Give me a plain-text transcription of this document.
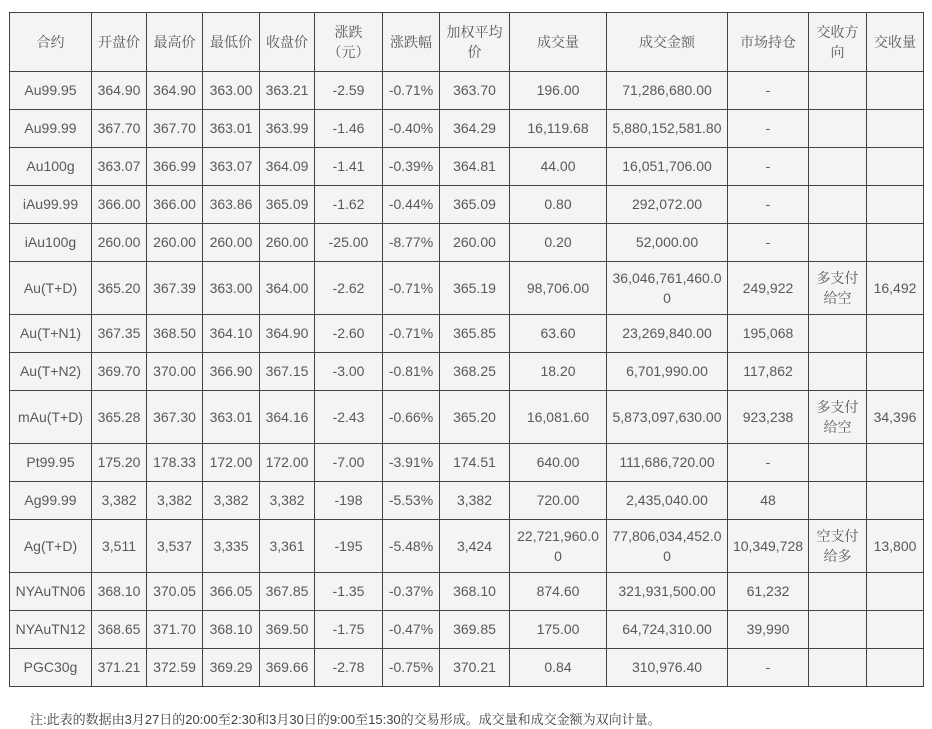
合约	开盘价	最高价	最低价	收盘价	涨跌（元）	涨跌幅	加权平均价	成交量	成交金额	市场持仓	交收方向	交收量
Au99.95	364.90	364.90	363.00	363.21	-2.59	-0.71%	363.70	196.00	71,286,680.00	-		
Au99.99	367.70	367.70	363.01	363.99	-1.46	-0.40%	364.29	16,119.68	5,880,152,581.80	-		
Au100g	363.07	366.99	363.07	364.09	-1.41	-0.39%	364.81	44.00	16,051,706.00	-		
iAu99.99	366.00	366.00	363.86	365.09	-1.62	-0.44%	365.09	0.80	292,072.00	-		
iAu100g	260.00	260.00	260.00	260.00	-25.00	-8.77%	260.00	0.20	52,000.00	-		
Au(T+D)	365.20	367.39	363.00	364.00	-2.62	-0.71%	365.19	98,706.00	36,046,761,460.00	249,922	多支付给空	16,492
Au(T+N1)	367.35	368.50	364.10	364.90	-2.60	-0.71%	365.85	63.60	23,269,840.00	195,068		
Au(T+N2)	369.70	370.00	366.90	367.15	-3.00	-0.81%	368.25	18.20	6,701,990.00	117,862		
mAu(T+D)	365.28	367.30	363.01	364.16	-2.43	-0.66%	365.20	16,081.60	5,873,097,630.00	923,238	多支付给空	34,396
Pt99.95	175.20	178.33	172.00	172.00	-7.00	-3.91%	174.51	640.00	111,686,720.00	-		
Ag99.99	3,382	3,382	3,382	3,382	-198	-5.53%	3,382	720.00	2,435,040.00	48		
Ag(T+D)	3,511	3,537	3,335	3,361	-195	-5.48%	3,424	22,721,960.00	77,806,034,452.00	10,349,728	空支付给多	13,800
NYAuTN06	368.10	370.05	366.05	367.85	-1.35	-0.37%	368.10	874.60	321,931,500.00	61,232		
NYAuTN12	368.65	371.70	368.10	369.50	-1.75	-0.47%	369.85	175.00	64,724,310.00	39,990		
PGC30g	371.21	372.59	369.29	369.66	-2.78	-0.75%	370.21	0.84	310,976.40	-		

注:此表的数据由3月27日的20:00至2:30和3月30日的9:00至15:30的交易形成。成交量和成交金额为双向计量。
